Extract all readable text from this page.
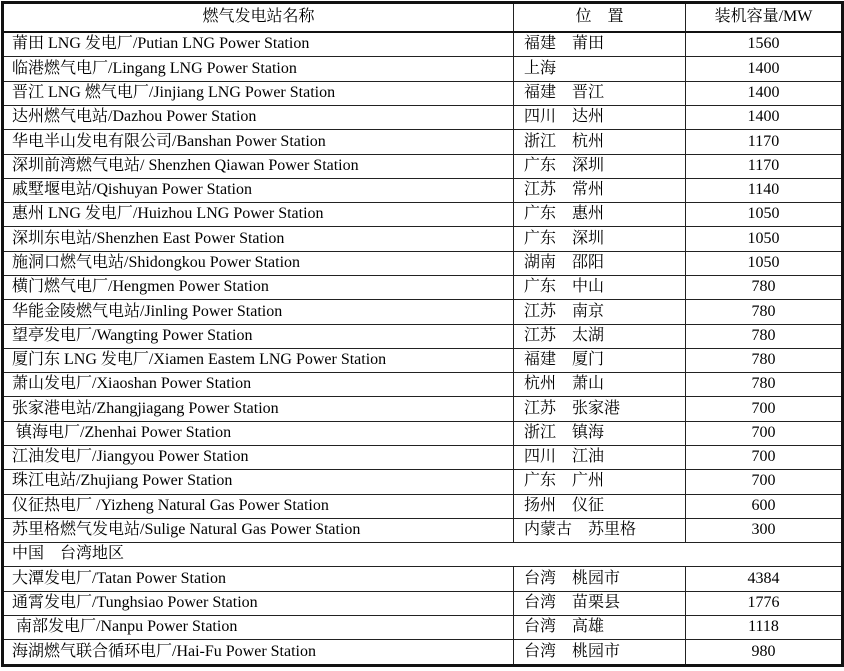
燃气发电站名称	位　置	装机容量/MW
莆田 LNG 发电厂/Putian LNG Power Station	福建　莆田	1560
临港燃气电厂/Lingang LNG Power Station	上海	1400
晋江 LNG 燃气电厂/Jinjiang LNG Power Station	福建　晋江	1400
达州燃气电站/Dazhou Power Station	四川　达州	1400
华电半山发电有限公司/Banshan Power Station	浙江　杭州	1170
深圳前湾燃气电站/ Shenzhen Qiawan Power Station	广东　深圳	1170
戚墅堰电站/Qishuyan Power Station	江苏　常州	1140
惠州 LNG 发电厂/Huizhou LNG Power Station	广东　惠州	1050
深圳东电站/Shenzhen East Power Station	广东　深圳	1050
施洞口燃气电站/Shidongkou Power Station	湖南　邵阳	1050
横门燃气电厂/Hengmen Power Station	广东　中山	780
华能金陵燃气电站/Jinling Power Station	江苏　南京	780
望亭发电厂/Wangting Power Station	江苏　太湖	780
厦门东 LNG 发电厂/Xiamen Eastem LNG Power Station	福建　厦门	780
萧山发电厂/Xiaoshan Power Station	杭州　萧山	780
张家港电站/Zhangjiagang Power Station	江苏　张家港	700
镇海电厂/Zhenhai Power Station	浙江　镇海	700
江油发电厂/Jiangyou Power Station	四川　江油	700
珠江电站/Zhujiang Power Station	广东　广州	700
仪征热电厂 /Yizheng Natural Gas Power Station	扬州　仪征	600
苏里格燃气发电站/Sulige Natural Gas Power Station	内蒙古　苏里格	300
中国　台湾地区		
大潭发电厂/Tatan Power Station	台湾　桃园市	4384
通霄发电厂/Tunghsiao Power Station	台湾　苗栗县	1776
南部发电厂/Nanpu Power Station	台湾　高雄	1118
海湖燃气联合循环电厂/Hai-Fu Power Station	台湾　桃园市	980
